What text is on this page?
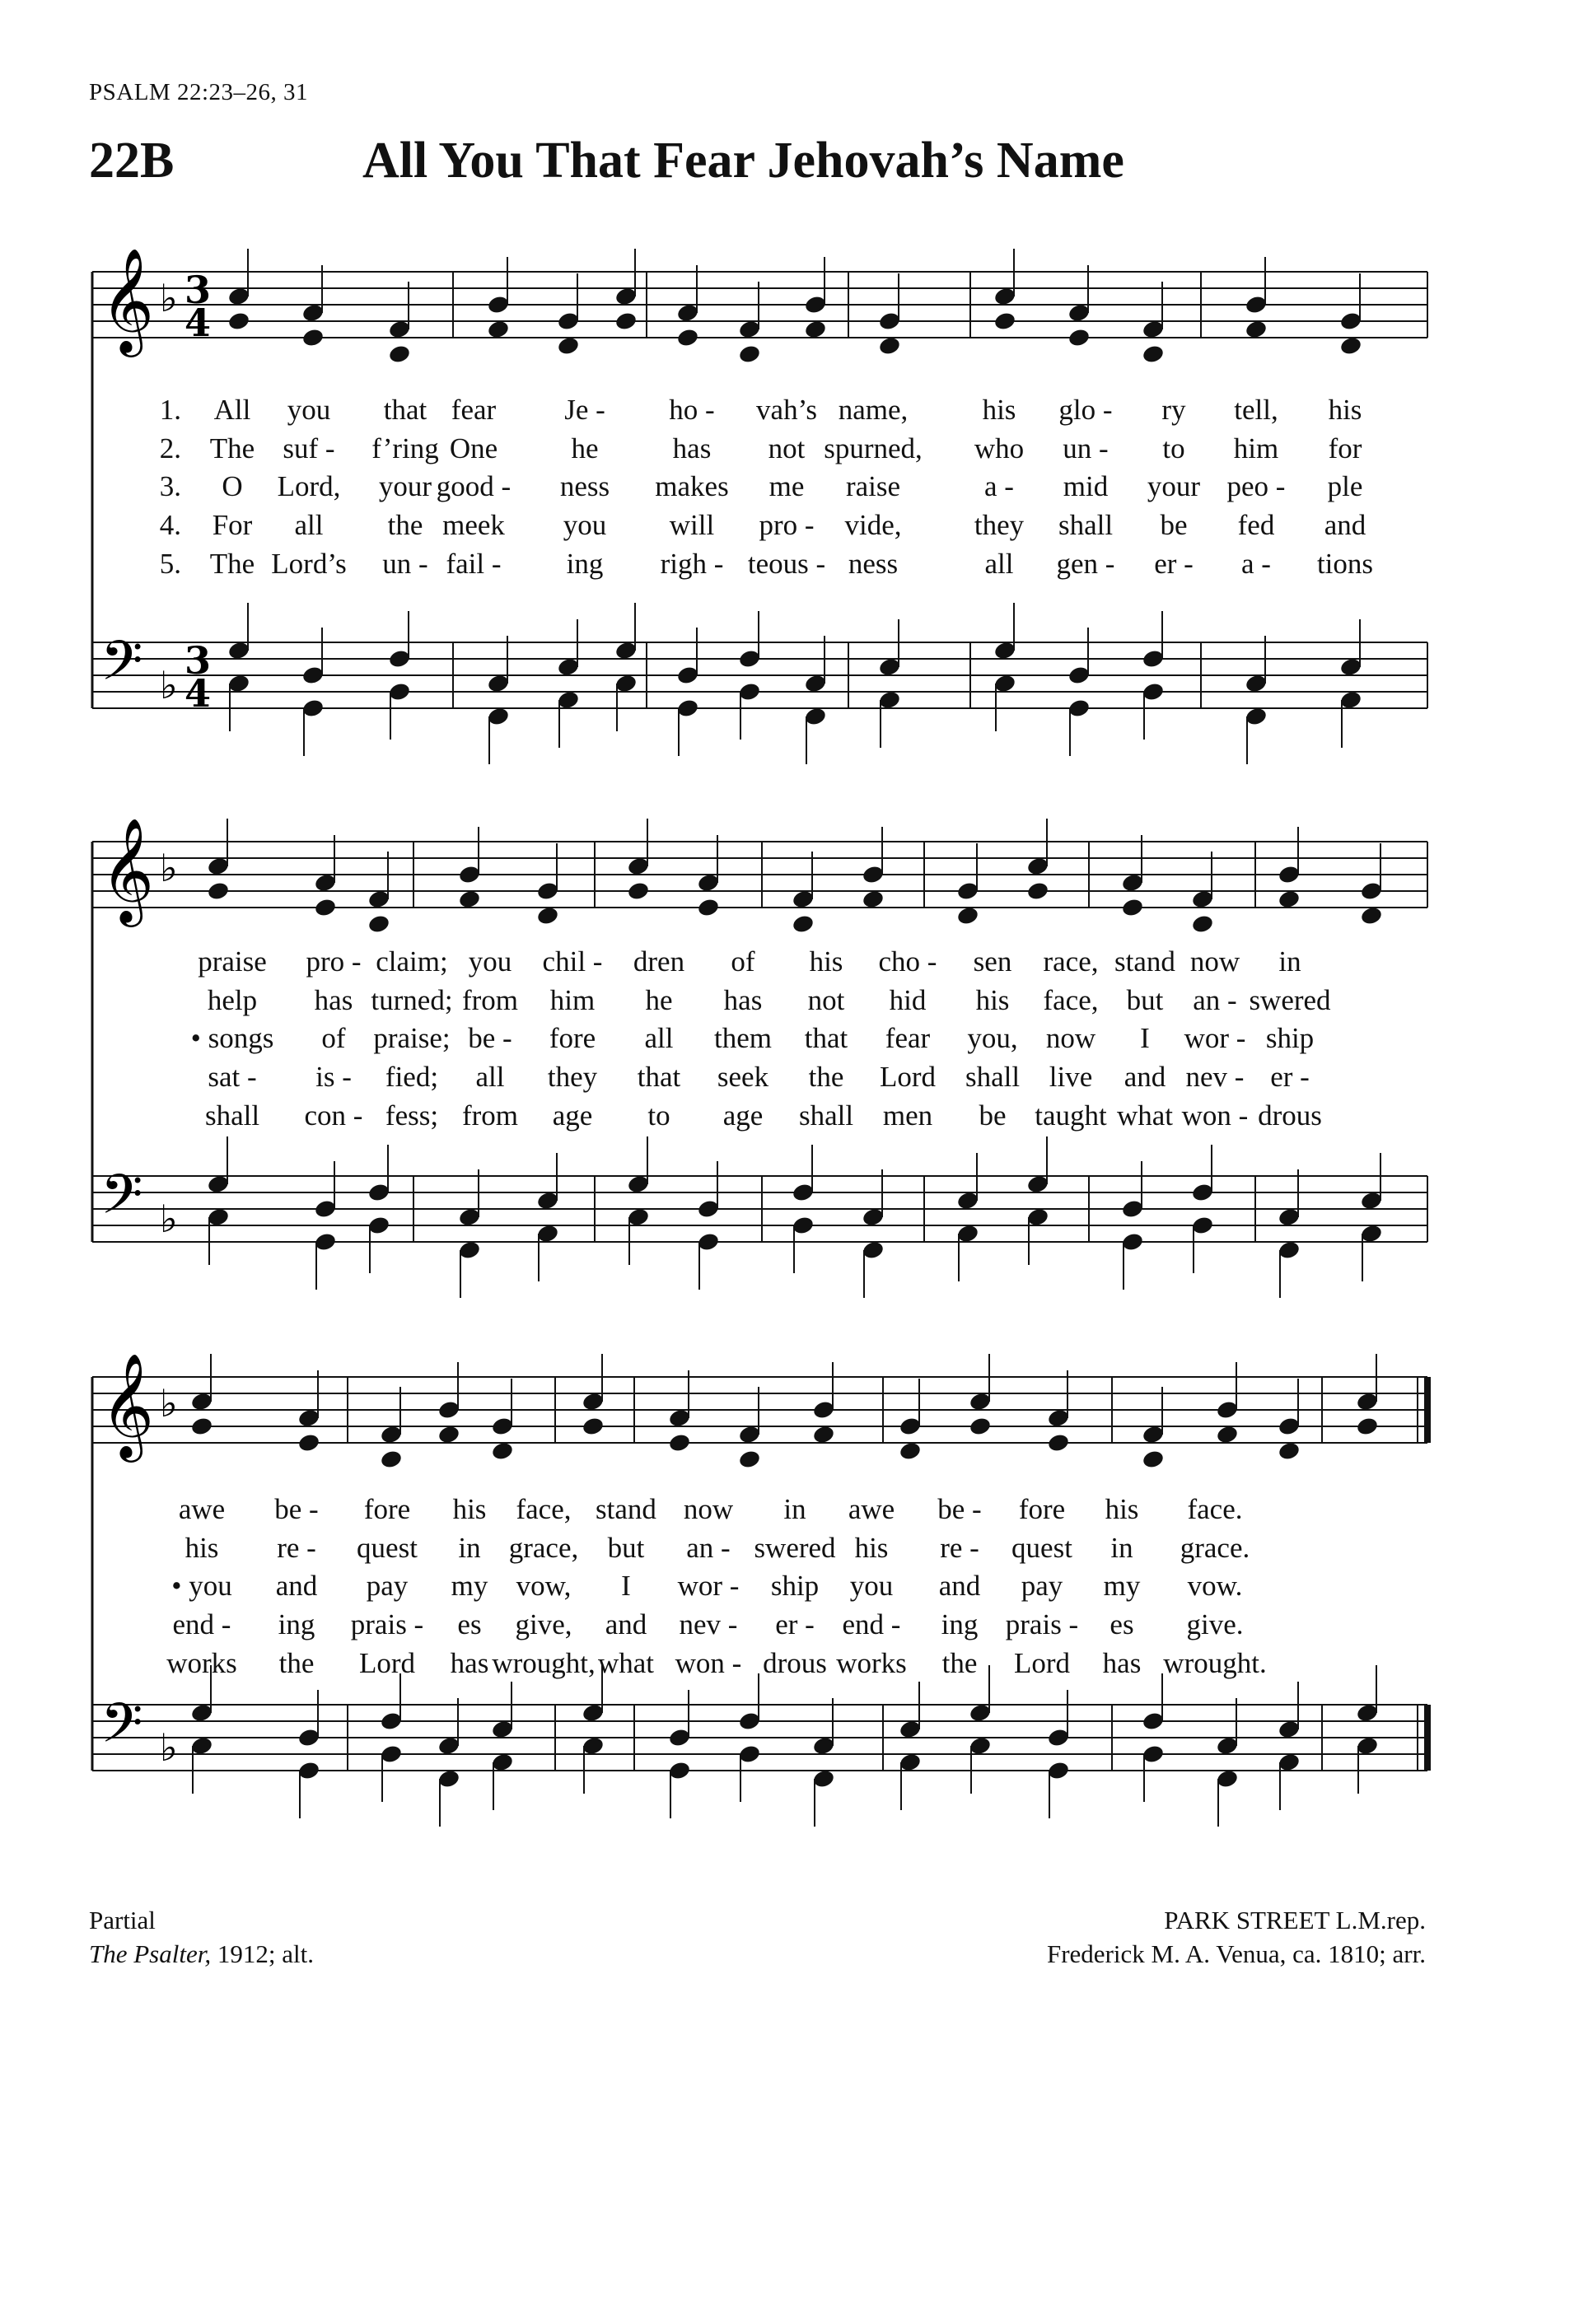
PSALM 22:23–26, 31
22B	All You That Fear Jehovah’s Name
𝄞 ♭ 3
4
𝄢 ♭
3
4
𝄞 ♭
𝄢 ♭
𝄞 ♭
𝄢 ♭
1.
2.
3.
4.
5.
All
The
O
For
The
you
suf -
Lord,
all
Lord’s
that
f’ring
your
the
un -
fear
One
good -
meek
fail -
Je -
he
ness
you
ing
ho -
has
makes
will
righ -
vah’s
not
me
pro -
teous -
name,
spurned,
raise
vide,
ness
his
who
a -
they
all
glo -
un -
mid
shall
gen -
ry
to
your
be
er -
tell,
him
peo -
fed
a -
his
for
ple
and
tions
praise
help
• songs
sat -
shall
pro -
has
of
is -
con -
claim;
turned;
praise;
fied;
fess;
you
from
be -
all
from
chil -
him
fore
they
age
dren
he
all
that
to
of
has
them
seek
age
his
not
that
the
shall
cho -
hid
fear
Lord
men
sen
his
you,
shall
be
race,
face,
now
live
taught
stand
but
I
and
what
now
an -
wor -
nev -
won -
in
swered
ship
er -
drous
awe
his
• you
end -
works
be -
re -
and
ing
the
fore
quest
pay
prais -
Lord
his
in
my
es
has
face,
grace,
vow,
give,
wrought,
stand
but
I
and
what
now
an -
wor -
nev -
won -
in
swered
ship
er -
drous
awe
his
you
end -
works
be -
re -
and
ing
the
fore
quest
pay
prais -
Lord
his
in
my
es
has
face.
grace.
vow.
give.
wrought.
Partial
The Psalter, 1912; alt.
PARK STREET L.M.rep.
Frederick M. A. Venua, ca. 1810; arr.
